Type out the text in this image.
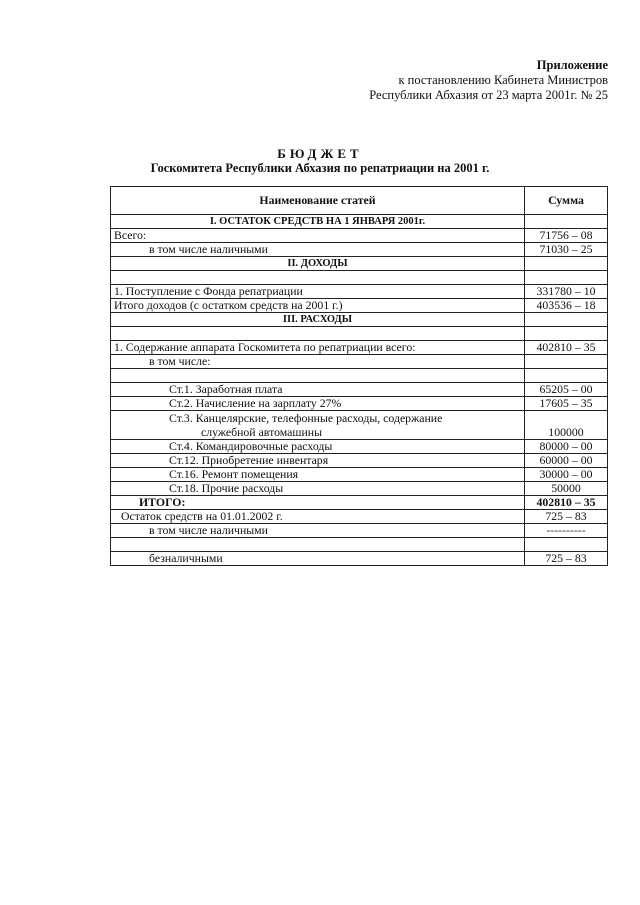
Приложение
к постановлению Кабинета Министров
Республики Абхазия от 23 марта 2001г. № 25
БЮДЖЕТ
Госкомитета Республики Абхазия по репатриации на 2001 г.
Наименование статей	Сумма
I. ОСТАТОК СРЕДСТВ НА 1 ЯНВАРЯ 2001г.	
Всего:	71756 – 08
в том числе наличными	71030 – 25
II. ДОХОДЫ	

1. Поступление с Фонда репатриации	331780 – 10
Итого доходов (с остатком средств на 2001 г.)	403536 – 18
III. РАСХОДЫ	

1. Содержание аппарата Госкомитета по репатриации всего:	402810 – 35
в том числе:	

Ст.1. Заработная плата	65205 – 00
Ст.2. Начисление на зарплату 27%	17605 – 35
Ст.3. Канцелярские, телефонные расходы, содержание
служебной автомашины	100000
Ст.4. Командировочные расходы	80000 – 00
Ст.12. Приобретение инвентаря	60000 – 00
Ст.16. Ремонт помещения	30000 – 00
Ст.18. Прочие расходы	50000
ИТОГО:	402810 – 35
Остаток средств на 01.01.2002 г.	725 – 83
в том числе наличными	----------

безналичными	725 – 83
